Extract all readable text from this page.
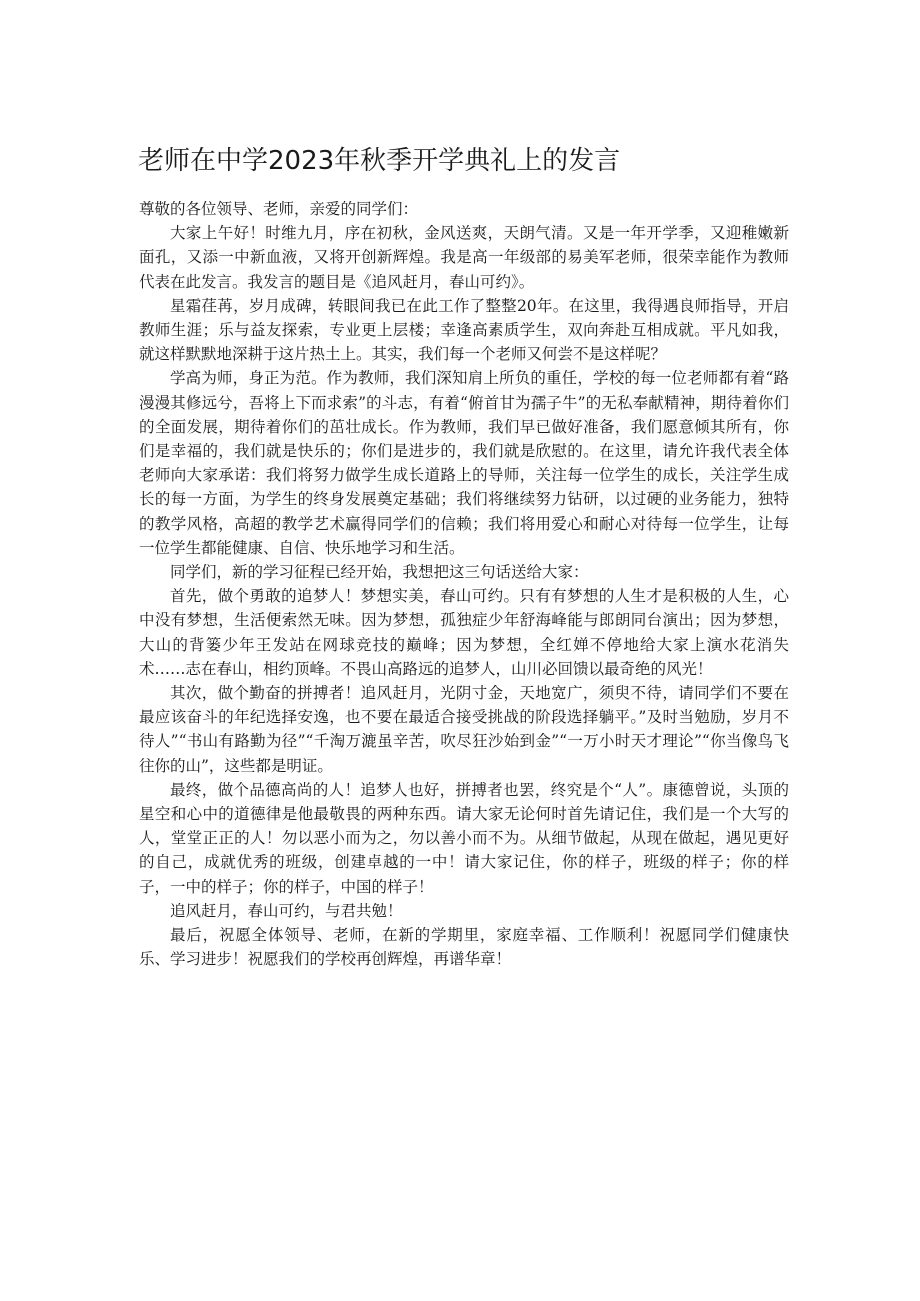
老师在中学2023年秋季开学典礼上的发言

尊敬的各位领导、老师，亲爱的同学们：

大家上午好！时维九月，序在初秋，金风送爽，天朗气清。又是一年开学季，又迎稚嫩新面孔，又添一中新血液，又将开创新辉煌。我是高一年级部的易美军老师，很荣幸能作为教师代表在此发言。我发言的题目是《追风赶月，春山可约》。

星霜荏苒，岁月成碑，转眼间我已在此工作了整整20年。在这里，我得遇良师指导，开启教师生涯；乐与益友探索，专业更上层楼；幸逢高素质学生，双向奔赴互相成就。平凡如我，就这样默默地深耕于这片热土上。其实，我们每一个老师又何尝不是这样呢？

学高为师，身正为范。作为教师，我们深知肩上所负的重任，学校的每一位老师都有着“路漫漫其修远兮，吾将上下而求索”的斗志，有着“俯首甘为孺子牛”的无私奉献精神，期待着你们的全面发展，期待着你们的茁壮成长。作为教师，我们早已做好准备，我们愿意倾其所有，你们是幸福的，我们就是快乐的；你们是进步的，我们就是欣慰的。在这里，请允许我代表全体老师向大家承诺：我们将努力做学生成长道路上的导师，关注每一位学生的成长，关注学生成长的每一方面，为学生的终身发展奠定基础；我们将继续努力钻研，以过硬的业务能力，独特的教学风格，高超的教学艺术赢得同学们的信赖；我们将用爱心和耐心对待每一位学生，让每一位学生都能健康、自信、快乐地学习和生活。

同学们，新的学习征程已经开始，我想把这三句话送给大家：

首先，做个勇敢的追梦人！梦想实美，春山可约。只有有梦想的人生才是积极的人生，心中没有梦想，生活便索然无味。因为梦想，孤独症少年舒海峰能与郎朗同台演出；因为梦想，大山的背篓少年王发站在网球竞技的巅峰；因为梦想，全红婵不停地给大家上演水花消失术……志在春山，相约顶峰。不畏山高路远的追梦人，山川必回馈以最奇绝的风光！

其次，做个勤奋的拼搏者！追风赶月，光阴寸金，天地宽广，须臾不待，请同学们不要在最应该奋斗的年纪选择安逸，也不要在最适合接受挑战的阶段选择躺平。”及时当勉励，岁月不待人”“书山有路勤为径”“千淘万漉虽辛苦，吹尽狂沙始到金”“一万小时天才理论”“你当像鸟飞往你的山”，这些都是明证。

最终，做个品德高尚的人！追梦人也好，拼搏者也罢，终究是个“人”。康德曾说，头顶的星空和心中的道德律是他最敬畏的两种东西。请大家无论何时首先请记住，我们是一个大写的人，堂堂正正的人！勿以恶小而为之，勿以善小而不为。从细节做起，从现在做起，遇见更好的自己，成就优秀的班级，创建卓越的一中！请大家记住，你的样子，班级的样子；你的样子，一中的样子；你的样子，中国的样子！

追风赶月，春山可约，与君共勉！

最后，祝愿全体领导、老师，在新的学期里，家庭幸福、工作顺利！祝愿同学们健康快乐、学习进步！祝愿我们的学校再创辉煌，再谱华章！
